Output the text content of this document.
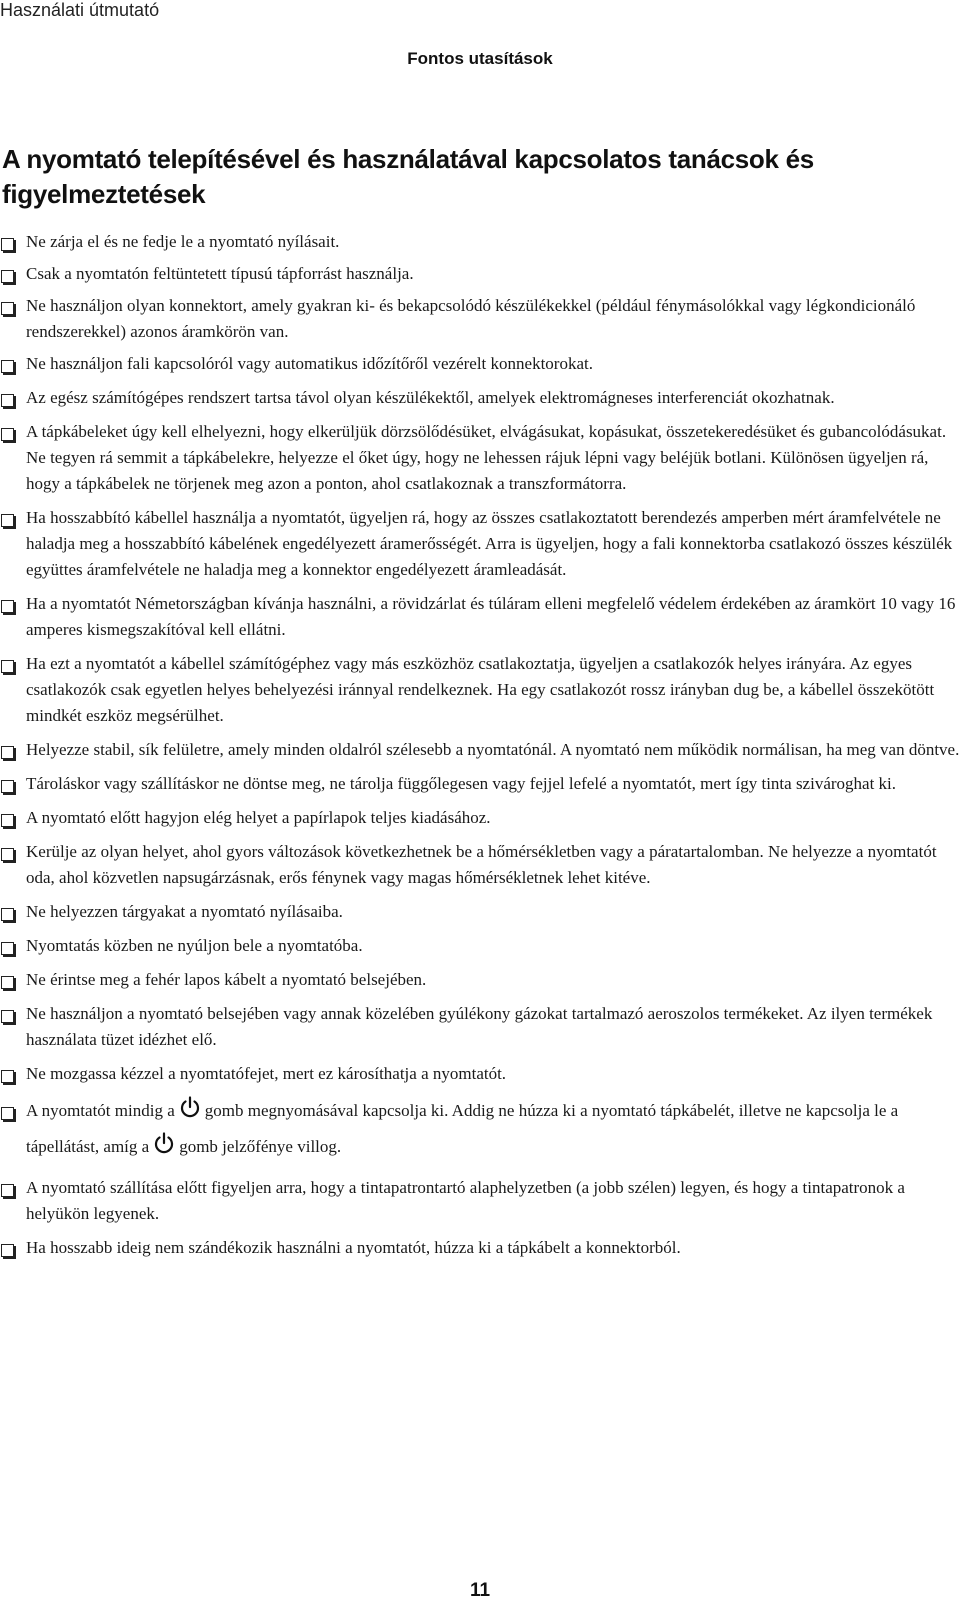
Használati útmutató
Fontos utasítások
A nyomtató telepítésével és használatával kapcsolatos tanácsok és figyelmeztetések
Ne zárja el és ne fedje le a nyomtató nyílásait.
Csak a nyomtatón feltüntetett típusú tápforrást használja.
Ne használjon olyan konnektort, amely gyakran ki- és bekapcsolódó készülékekkel (például fénymásolókkal vagy légkondicionáló rendszerekkel) azonos áramkörön van.
Ne használjon fali kapcsolóról vagy automatikus időzítőről vezérelt konnektorokat.
Az egész számítógépes rendszert tartsa távol olyan készülékektől, amelyek elektromágneses interferenciát okozhatnak.
A tápkábeleket úgy kell elhelyezni, hogy elkerüljük dörzsölődésüket, elvágásukat, kopásukat, összetekeredésüket és gubancolódásukat. Ne tegyen rá semmit a tápkábelekre, helyezze el őket úgy, hogy ne lehessen rájuk lépni vagy beléjük botlani. Különösen ügyeljen rá, hogy a tápkábelek ne törjenek meg azon a ponton, ahol csatlakoznak a transzformátorra.
Ha hosszabbító kábellel használja a nyomtatót, ügyeljen rá, hogy az összes csatlakoztatott berendezés amperben mért áramfelvétele ne haladja meg a hosszabbító kábelének engedélyezett áramerősségét. Arra is ügyeljen, hogy a fali konnektorba csatlakozó összes készülék együttes áramfelvétele ne haladja meg a konnektor engedélyezett áramleadását.
Ha a nyomtatót Németországban kívánja használni, a rövidzárlat és túláram elleni megfelelő védelem érdekében az áramkört 10 vagy 16 amperes kismegszakítóval kell ellátni.
Ha ezt a nyomtatót a kábellel számítógéphez vagy más eszközhöz csatlakoztatja, ügyeljen a csatlakozók helyes irányára. Az egyes csatlakozók csak egyetlen helyes behelyezési iránnyal rendelkeznek. Ha egy csatlakozót rossz irányban dug be, a kábellel összekötött mindkét eszköz megsérülhet.
Helyezze stabil, sík felületre, amely minden oldalról szélesebb a nyomtatónál. A nyomtató nem működik normálisan, ha meg van döntve.
Tároláskor vagy szállításkor ne döntse meg, ne tárolja függőlegesen vagy fejjel lefelé a nyomtatót, mert így tinta szivároghat ki.
A nyomtató előtt hagyjon elég helyet a papírlapok teljes kiadásához.
Kerülje az olyan helyet, ahol gyors változások következhetnek be a hőmérsékletben vagy a páratartalomban. Ne helyezze a nyomtatót oda, ahol közvetlen napsugárzásnak, erős fénynek vagy magas hőmérsékletnek lehet kitéve.
Ne helyezzen tárgyakat a nyomtató nyílásaiba.
Nyomtatás közben ne nyúljon bele a nyomtatóba.
Ne érintse meg a fehér lapos kábelt a nyomtató belsejében.
Ne használjon a nyomtató belsejében vagy annak közelében gyúlékony gázokat tartalmazó aeroszolos termékeket. Az ilyen termékek használata tüzet idézhet elő.
Ne mozgassa kézzel a nyomtatófejet, mert ez károsíthatja a nyomtatót.
A nyomtatót mindig a gomb megnyomásával kapcsolja ki. Addig ne húzza ki a nyomtató tápkábelét, illetve ne kapcsolja le a tápellátást, amíg a gomb jelzőfénye villog.
A nyomtató szállítása előtt figyeljen arra, hogy a tintapatrontartó alaphelyzetben (a jobb szélen) legyen, és hogy a tintapatronok a helyükön legyenek.
Ha hosszabb ideig nem szándékozik használni a nyomtatót, húzza ki a tápkábelt a konnektorból.
11
